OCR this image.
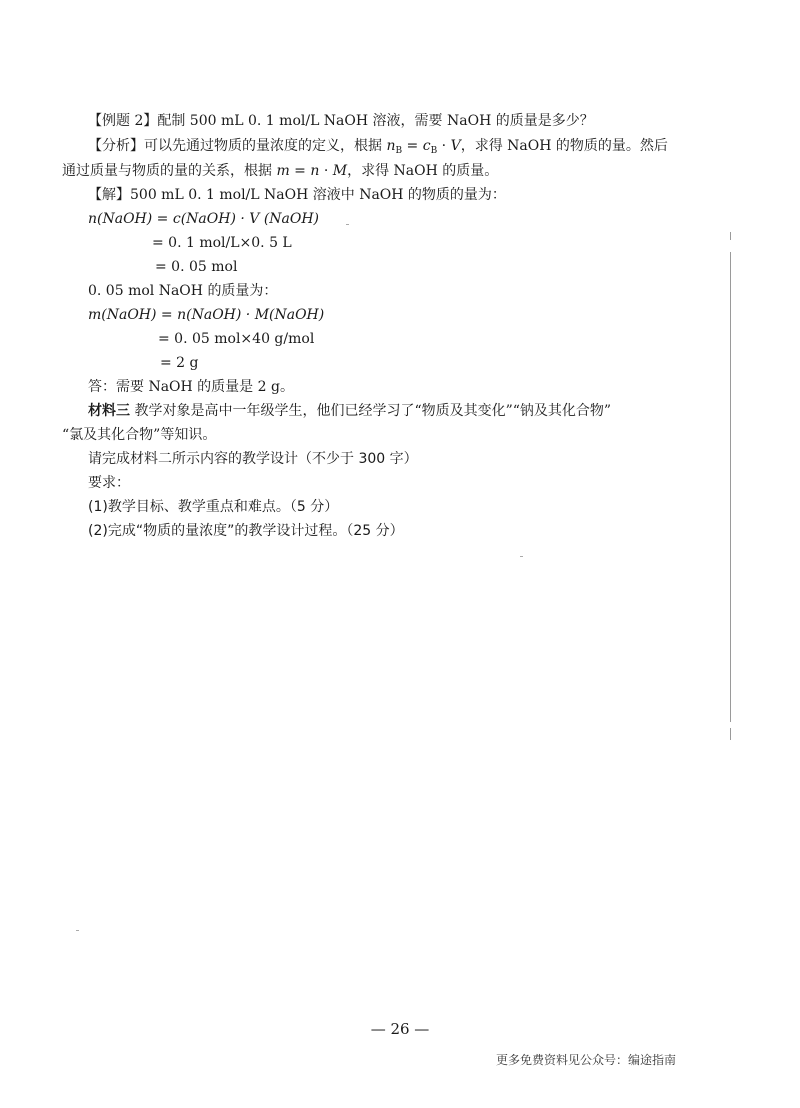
【例题 2】配制 500 mL 0. 1 mol/L NaOH 溶液，需要 NaOH 的质量是多少？
【分析】可以先通过物质的量浓度的定义，根据 $n_B = c_B \cdot V$，求得 NaOH 的物质的量。然后
通过质量与物质的量的关系，根据 m = n · M，求得 NaOH 的质量。
【解】500 mL 0. 1 mol/L NaOH 溶液中 NaOH 的物质的量为：
n(NaOH) = c(NaOH) · V (NaOH)
= 0. 1 mol/L×0. 5 L
= 0. 05 mol
0. 05 mol NaOH 的质量为：
m(NaOH) = n(NaOH) · M(NaOH)
= 0. 05 mol×40 g/mol
= 2 g
答：需要 NaOH 的质量是 2 g。
材料三 教学对象是高中一年级学生，他们已经学习了“物质及其变化”“钠及其化合物”
“氯及其化合物”等知识。
请完成材料二所示内容的教学设计（不少于 300 字）
要求：
(1)教学目标、教学重点和难点。（5 分）
(2)完成“物质的量浓度”的教学设计过程。（25 分）
— 26 —
更多免费资料见公众号：编途指南
